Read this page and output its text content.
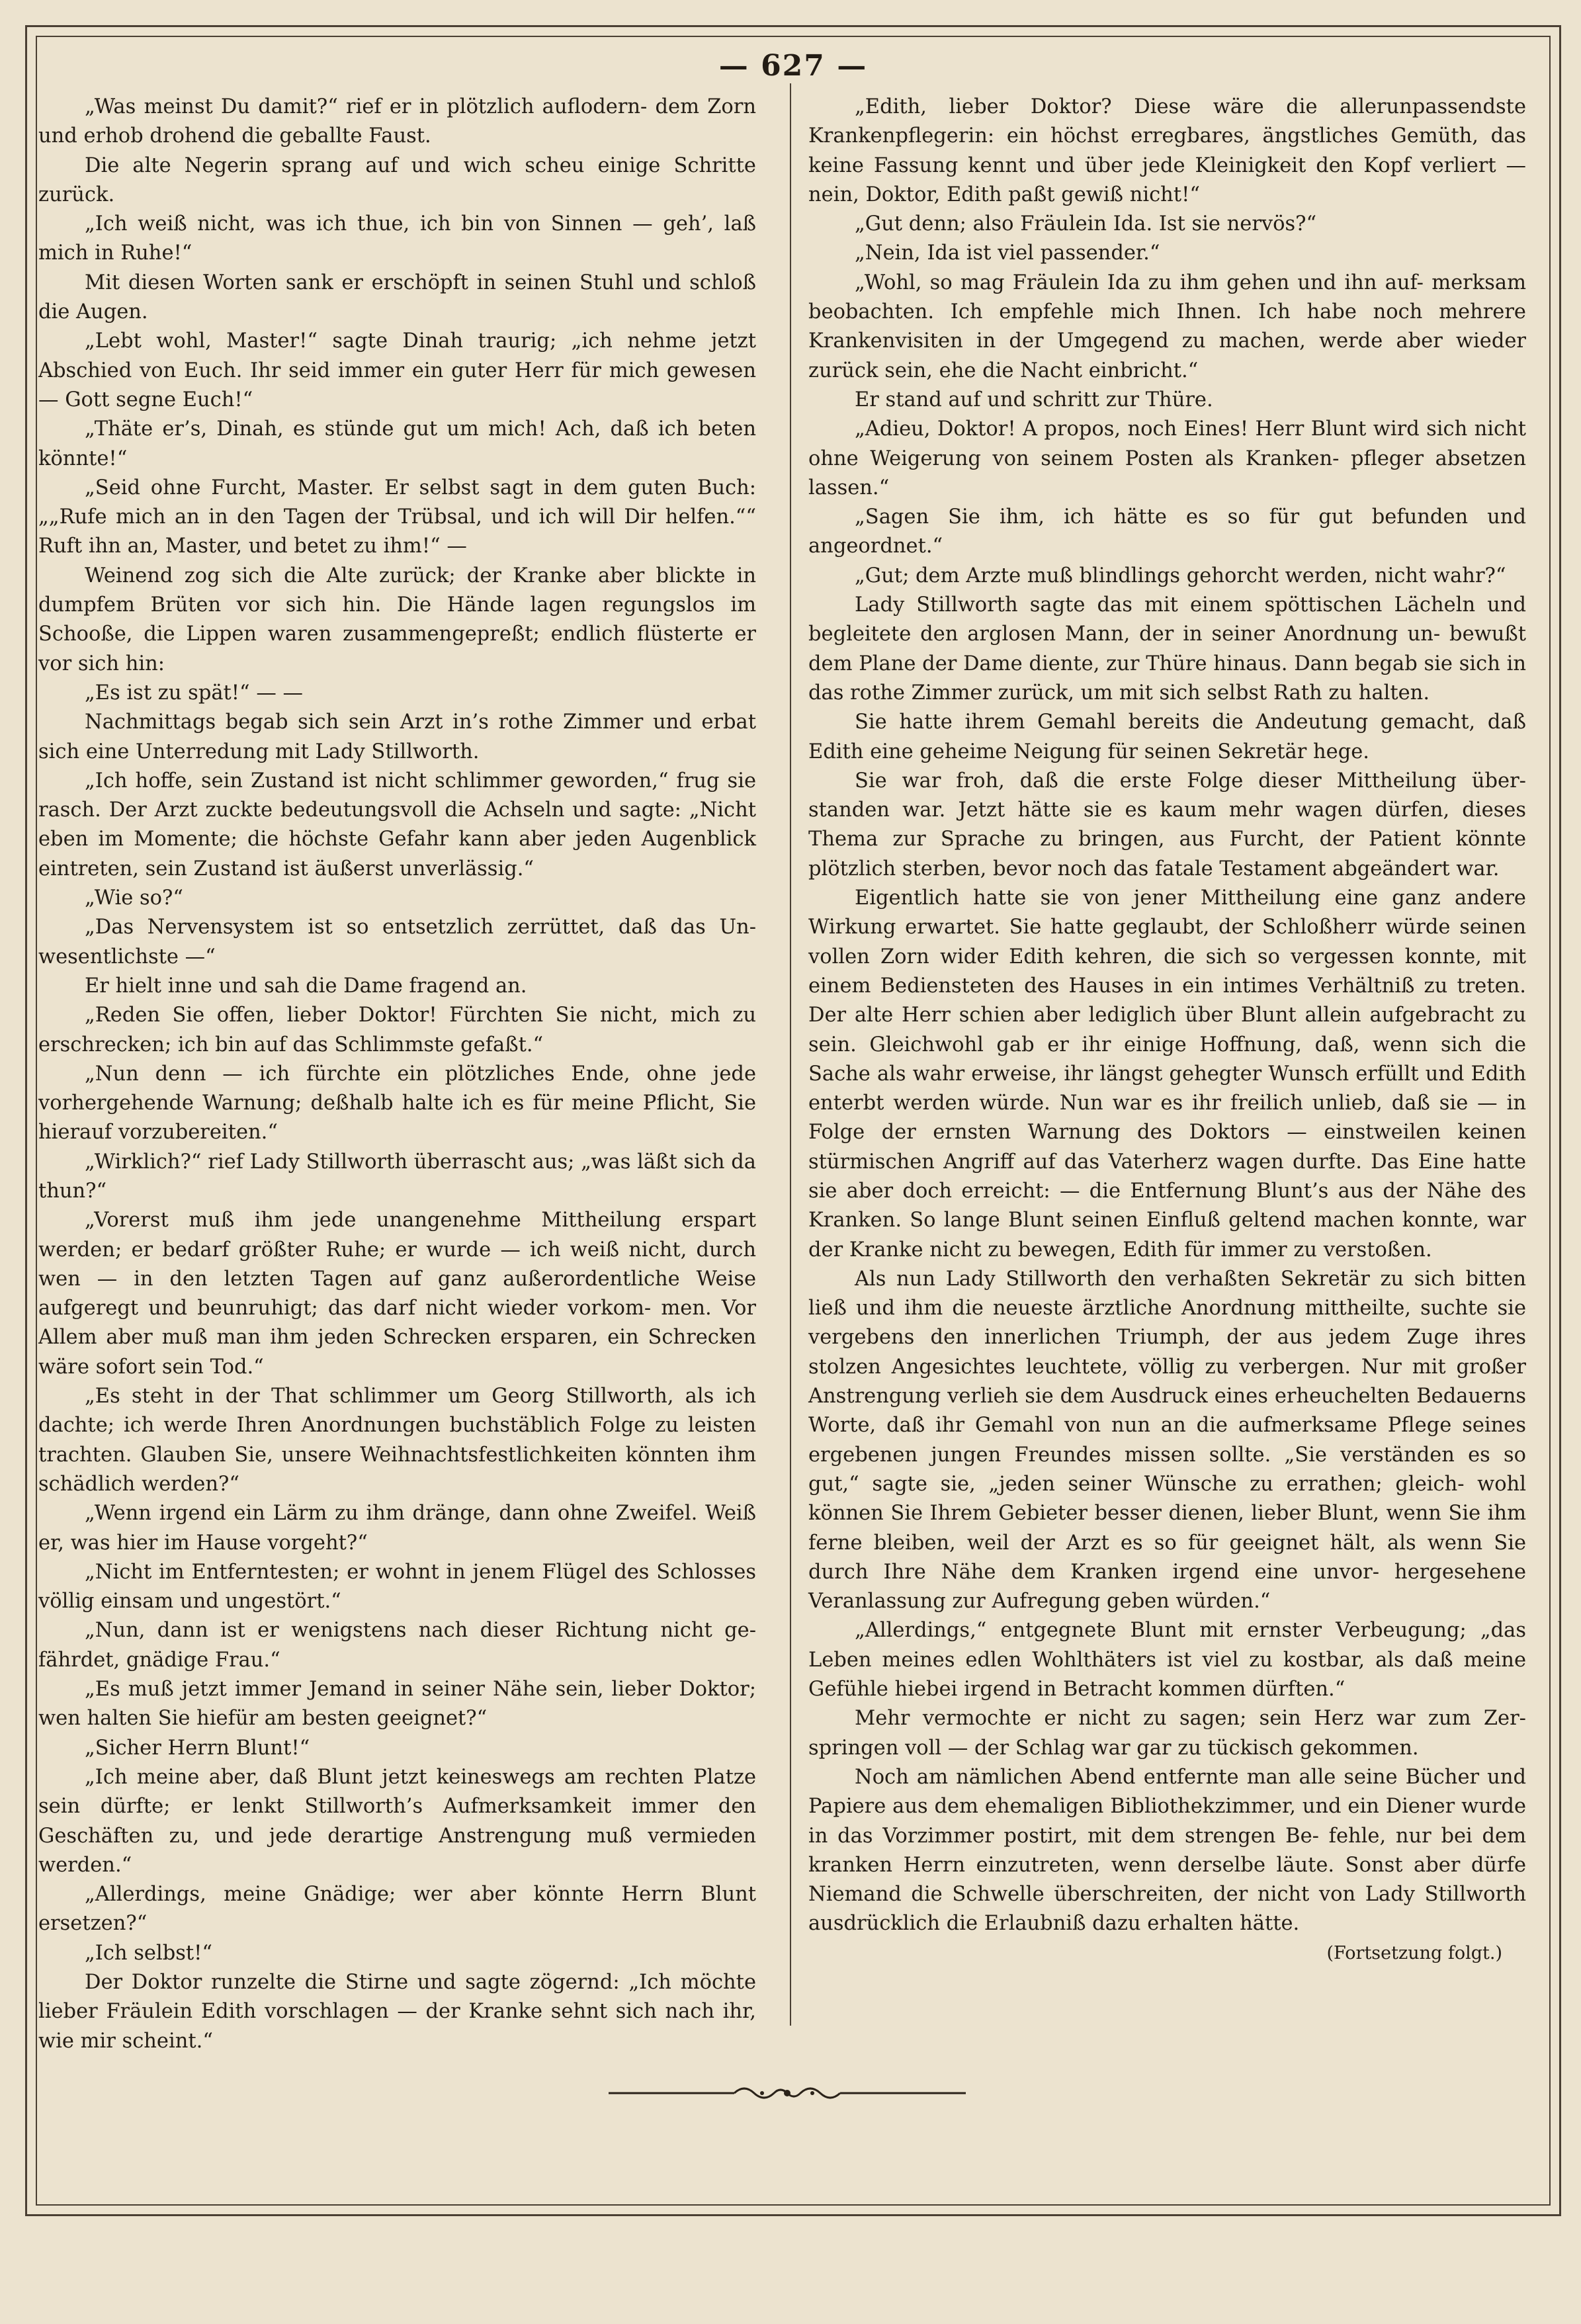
— 627 —

„Was meinst Du damit?“ rief er in plötzlich auflodern- dem Zorn und erhob drohend die geballte Faust.

Die alte Negerin sprang auf und wich scheu einige Schritte zurück.

„Ich weiß nicht, was ich thue, ich bin von Sinnen — geh’, laß mich in Ruhe!“

Mit diesen Worten sank er erschöpft in seinen Stuhl und schloß die Augen.

„Lebt wohl, Master!“ sagte Dinah traurig; „ich nehme jetzt Abschied von Euch. Ihr seid immer ein guter Herr für mich gewesen — Gott segne Euch!“

„Thäte er’s, Dinah, es stünde gut um mich! Ach, daß ich beten könnte!“

„Seid ohne Furcht, Master. Er selbst sagt in dem guten Buch: „„Rufe mich an in den Tagen der Trübsal, und ich will Dir helfen.““ Ruft ihn an, Master, und betet zu ihm!“ —

Weinend zog sich die Alte zurück; der Kranke aber blickte in dumpfem Brüten vor sich hin. Die Hände lagen regungslos im Schooße, die Lippen waren zusammengepreßt; endlich flüsterte er vor sich hin:

„Es ist zu spät!“ — —

Nachmittags begab sich sein Arzt in’s rothe Zimmer und erbat sich eine Unterredung mit Lady Stillworth.

„Ich hoffe, sein Zustand ist nicht schlimmer geworden,“ frug sie rasch. Der Arzt zuckte bedeutungsvoll die Achseln und sagte: „Nicht eben im Momente; die höchste Gefahr kann aber jeden Augenblick eintreten, sein Zustand ist äußerst unverlässig.“

„Wie so?“

„Das Nervensystem ist so entsetzlich zerrüttet, daß das Un- wesentlichste —“

Er hielt inne und sah die Dame fragend an.

„Reden Sie offen, lieber Doktor! Fürchten Sie nicht, mich zu erschrecken; ich bin auf das Schlimmste gefaßt.“

„Nun denn — ich fürchte ein plötzliches Ende, ohne jede vorhergehende Warnung; deßhalb halte ich es für meine Pflicht, Sie hierauf vorzubereiten.“

„Wirklich?“ rief Lady Stillworth überrascht aus; „was läßt sich da thun?“

„Vorerst muß ihm jede unangenehme Mittheilung erspart werden; er bedarf größter Ruhe; er wurde — ich weiß nicht, durch wen — in den letzten Tagen auf ganz außerordentliche Weise aufgeregt und beunruhigt; das darf nicht wieder vorkom- men. Vor Allem aber muß man ihm jeden Schrecken ersparen, ein Schrecken wäre sofort sein Tod.“

„Es steht in der That schlimmer um Georg Stillworth, als ich dachte; ich werde Ihren Anordnungen buchstäblich Folge zu leisten trachten. Glauben Sie, unsere Weihnachtsfestlichkeiten könnten ihm schädlich werden?“

„Wenn irgend ein Lärm zu ihm dränge, dann ohne Zweifel. Weiß er, was hier im Hause vorgeht?“

„Nicht im Entferntesten; er wohnt in jenem Flügel des Schlosses völlig einsam und ungestört.“

„Nun, dann ist er wenigstens nach dieser Richtung nicht ge- fährdet, gnädige Frau.“

„Es muß jetzt immer Jemand in seiner Nähe sein, lieber Doktor; wen halten Sie hiefür am besten geeignet?“

„Sicher Herrn Blunt!“

„Ich meine aber, daß Blunt jetzt keineswegs am rechten Platze sein dürfte; er lenkt Stillworth’s Aufmerksamkeit immer den Geschäften zu, und jede derartige Anstrengung muß vermieden werden.“

„Allerdings, meine Gnädige; wer aber könnte Herrn Blunt ersetzen?“

„Ich selbst!“

Der Doktor runzelte die Stirne und sagte zögernd: „Ich möchte lieber Fräulein Edith vorschlagen — der Kranke sehnt sich nach ihr, wie mir scheint.“

„Edith, lieber Doktor? Diese wäre die allerunpassendste Krankenpflegerin: ein höchst erregbares, ängstliches Gemüth, das keine Fassung kennt und über jede Kleinigkeit den Kopf verliert — nein, Doktor, Edith paßt gewiß nicht!“

„Gut denn; also Fräulein Ida. Ist sie nervös?“

„Nein, Ida ist viel passender.“

„Wohl, so mag Fräulein Ida zu ihm gehen und ihn auf- merksam beobachten. Ich empfehle mich Ihnen. Ich habe noch mehrere Krankenvisiten in der Umgegend zu machen, werde aber wieder zurück sein, ehe die Nacht einbricht.“

Er stand auf und schritt zur Thüre.

„Adieu, Doktor! A propos, noch Eines! Herr Blunt wird sich nicht ohne Weigerung von seinem Posten als Kranken- pfleger absetzen lassen.“

„Sagen Sie ihm, ich hätte es so für gut befunden und angeordnet.“

„Gut; dem Arzte muß blindlings gehorcht werden, nicht wahr?“

Lady Stillworth sagte das mit einem spöttischen Lächeln und begleitete den arglosen Mann, der in seiner Anordnung un- bewußt dem Plane der Dame diente, zur Thüre hinaus. Dann begab sie sich in das rothe Zimmer zurück, um mit sich selbst Rath zu halten.

Sie hatte ihrem Gemahl bereits die Andeutung gemacht, daß Edith eine geheime Neigung für seinen Sekretär hege.

Sie war froh, daß die erste Folge dieser Mittheilung über- standen war. Jetzt hätte sie es kaum mehr wagen dürfen, dieses Thema zur Sprache zu bringen, aus Furcht, der Patient könnte plötzlich sterben, bevor noch das fatale Testament abgeändert war.

Eigentlich hatte sie von jener Mittheilung eine ganz andere Wirkung erwartet. Sie hatte geglaubt, der Schloßherr würde seinen vollen Zorn wider Edith kehren, die sich so vergessen konnte, mit einem Bediensteten des Hauses in ein intimes Verhältniß zu treten. Der alte Herr schien aber lediglich über Blunt allein aufgebracht zu sein. Gleichwohl gab er ihr einige Hoffnung, daß, wenn sich die Sache als wahr erweise, ihr längst gehegter Wunsch erfüllt und Edith enterbt werden würde. Nun war es ihr freilich unlieb, daß sie — in Folge der ernsten Warnung des Doktors — einstweilen keinen stürmischen Angriff auf das Vaterherz wagen durfte. Das Eine hatte sie aber doch erreicht: — die Entfernung Blunt’s aus der Nähe des Kranken. So lange Blunt seinen Einfluß geltend machen konnte, war der Kranke nicht zu bewegen, Edith für immer zu verstoßen.

Als nun Lady Stillworth den verhaßten Sekretär zu sich bitten ließ und ihm die neueste ärztliche Anordnung mittheilte, suchte sie vergebens den innerlichen Triumph, der aus jedem Zuge ihres stolzen Angesichtes leuchtete, völlig zu verbergen. Nur mit großer Anstrengung verlieh sie dem Ausdruck eines erheuchelten Bedauerns Worte, daß ihr Gemahl von nun an die aufmerksame Pflege seines ergebenen jungen Freundes missen sollte. „Sie verständen es so gut,“ sagte sie, „jeden seiner Wünsche zu errathen; gleich- wohl können Sie Ihrem Gebieter besser dienen, lieber Blunt, wenn Sie ihm ferne bleiben, weil der Arzt es so für geeignet hält, als wenn Sie durch Ihre Nähe dem Kranken irgend eine unvor- hergesehene Veranlassung zur Aufregung geben würden.“

„Allerdings,“ entgegnete Blunt mit ernster Verbeugung; „das Leben meines edlen Wohlthäters ist viel zu kostbar, als daß meine Gefühle hiebei irgend in Betracht kommen dürften.“

Mehr vermochte er nicht zu sagen; sein Herz war zum Zer- springen voll — der Schlag war gar zu tückisch gekommen.

Noch am nämlichen Abend entfernte man alle seine Bücher und Papiere aus dem ehemaligen Bibliothekzimmer, und ein Diener wurde in das Vorzimmer postirt, mit dem strengen Be- fehle, nur bei dem kranken Herrn einzutreten, wenn derselbe läute. Sonst aber dürfe Niemand die Schwelle überschreiten, der nicht von Lady Stillworth ausdrücklich die Erlaubniß dazu erhalten hätte.

(Fortsetzung folgt.)
